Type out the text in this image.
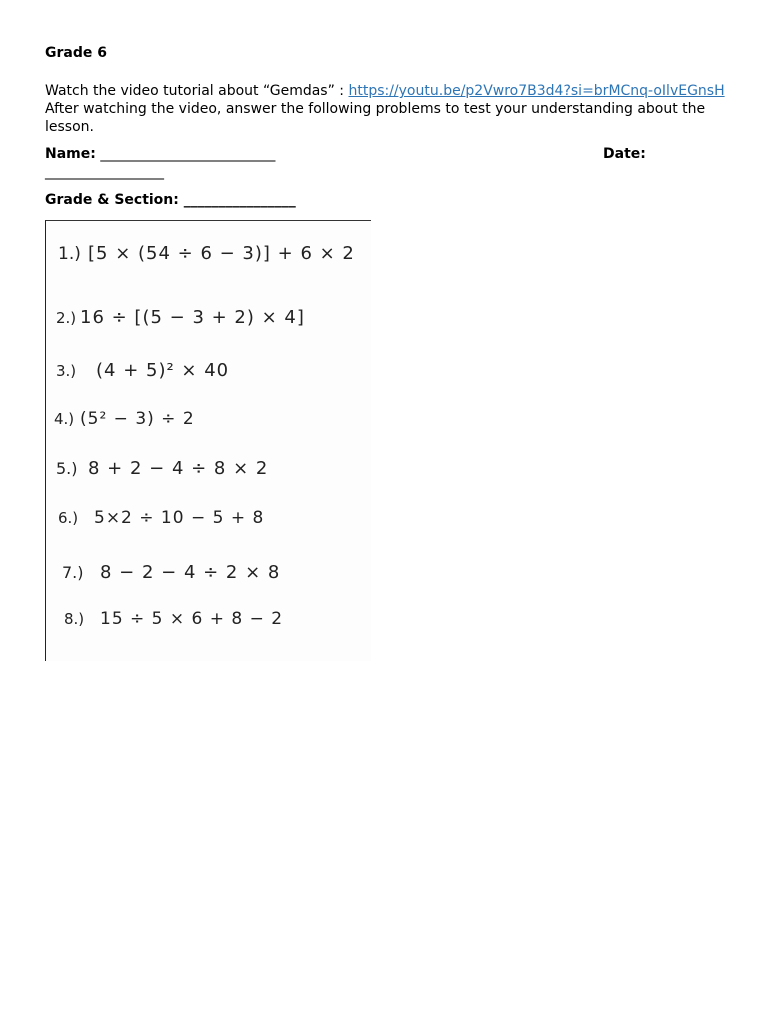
Grade 6
Watch the video tutorial about “Gemdas” : https://youtu.be/p2Vwro7B3d4?si=brMCnq-oIlvEGnsH
After watching the video, answer the following problems to test your understanding about the lesson.
Name: _________________________	Date:
_________________
Grade & Section: ________________
1.) [5 × (54 ÷ 6 − 3)] + 6 × 2
2.) 16 ÷ [(5 − 3 + 2) × 4]
3.) (4 + 5)² × 40
4.) (5² − 3) ÷ 2
5.) 8 + 2 − 4 ÷ 8 × 2
6.) 5×2 ÷ 10 − 5 + 8
7.) 8 − 2 − 4 ÷ 2 × 8
8.) 15 ÷ 5 × 6 + 8 − 2
